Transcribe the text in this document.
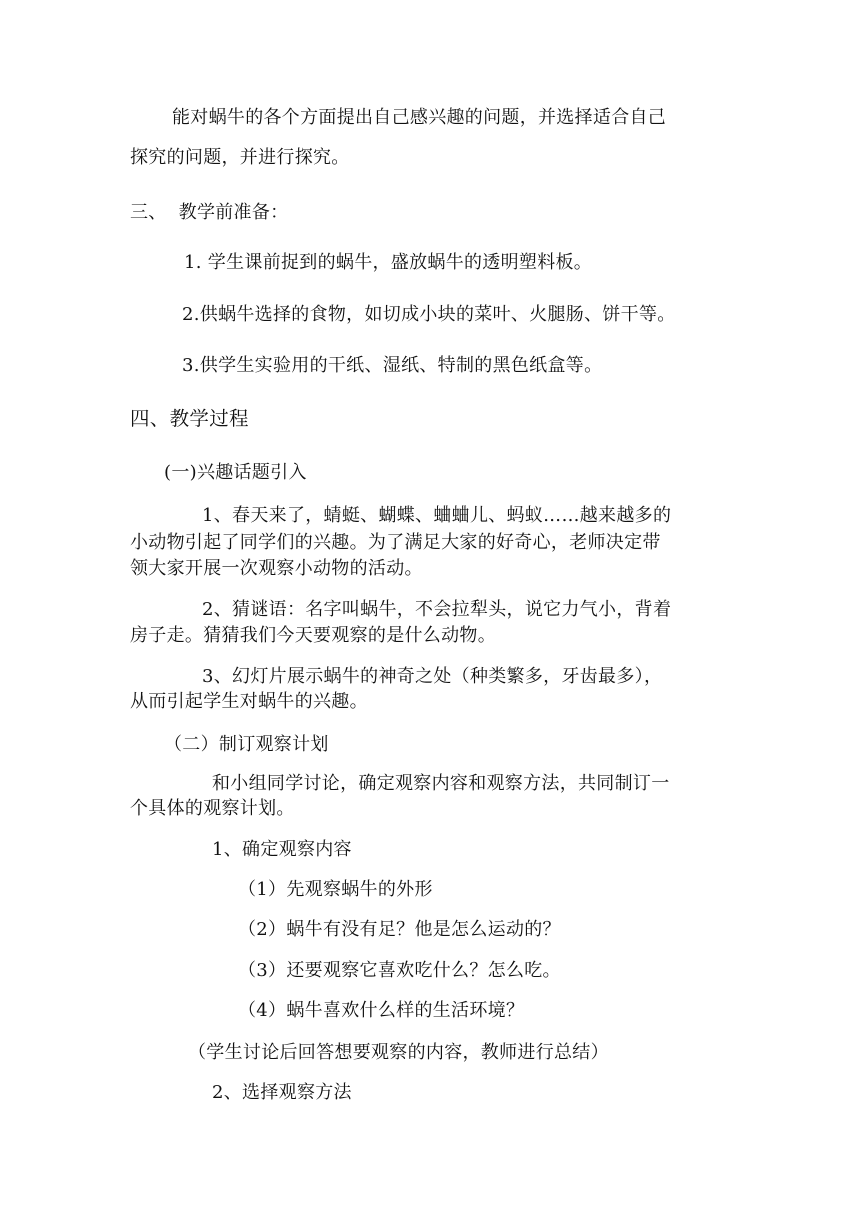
能对蜗牛的各个方面提出自己感兴趣的问题，并选择适合自己
探究的问题，并进行探究。
三、  教学前准备：
1. 学生课前捉到的蜗牛，盛放蜗牛的透明塑料板。
2.供蜗牛选择的食物，如切成小块的菜叶、火腿肠、饼干等。
3.供学生实验用的干纸、湿纸、特制的黑色纸盒等。
四、教学过程
(一)兴趣话题引入
1、春天来了，蜻蜓、蝴蝶、蛐蛐儿、蚂蚁……越来越多的
小动物引起了同学们的兴趣。为了满足大家的好奇心，老师决定带
领大家开展一次观察小动物的活动。
2、猜谜语：名字叫蜗牛，不会拉犁头，说它力气小，背着
房子走。猜猜我们今天要观察的是什么动物。
3、幻灯片展示蜗牛的神奇之处（种类繁多，牙齿最多），
从而引起学生对蜗牛的兴趣。
（二）制订观察计划
和小组同学讨论，确定观察内容和观察方法，共同制订一
个具体的观察计划。
1、确定观察内容
（1）先观察蜗牛的外形
（2）蜗牛有没有足？他是怎么运动的？
（3）还要观察它喜欢吃什么？怎么吃。
（4）蜗牛喜欢什么样的生活环境？
（学生讨论后回答想要观察的内容，教师进行总结）
2、选择观察方法
